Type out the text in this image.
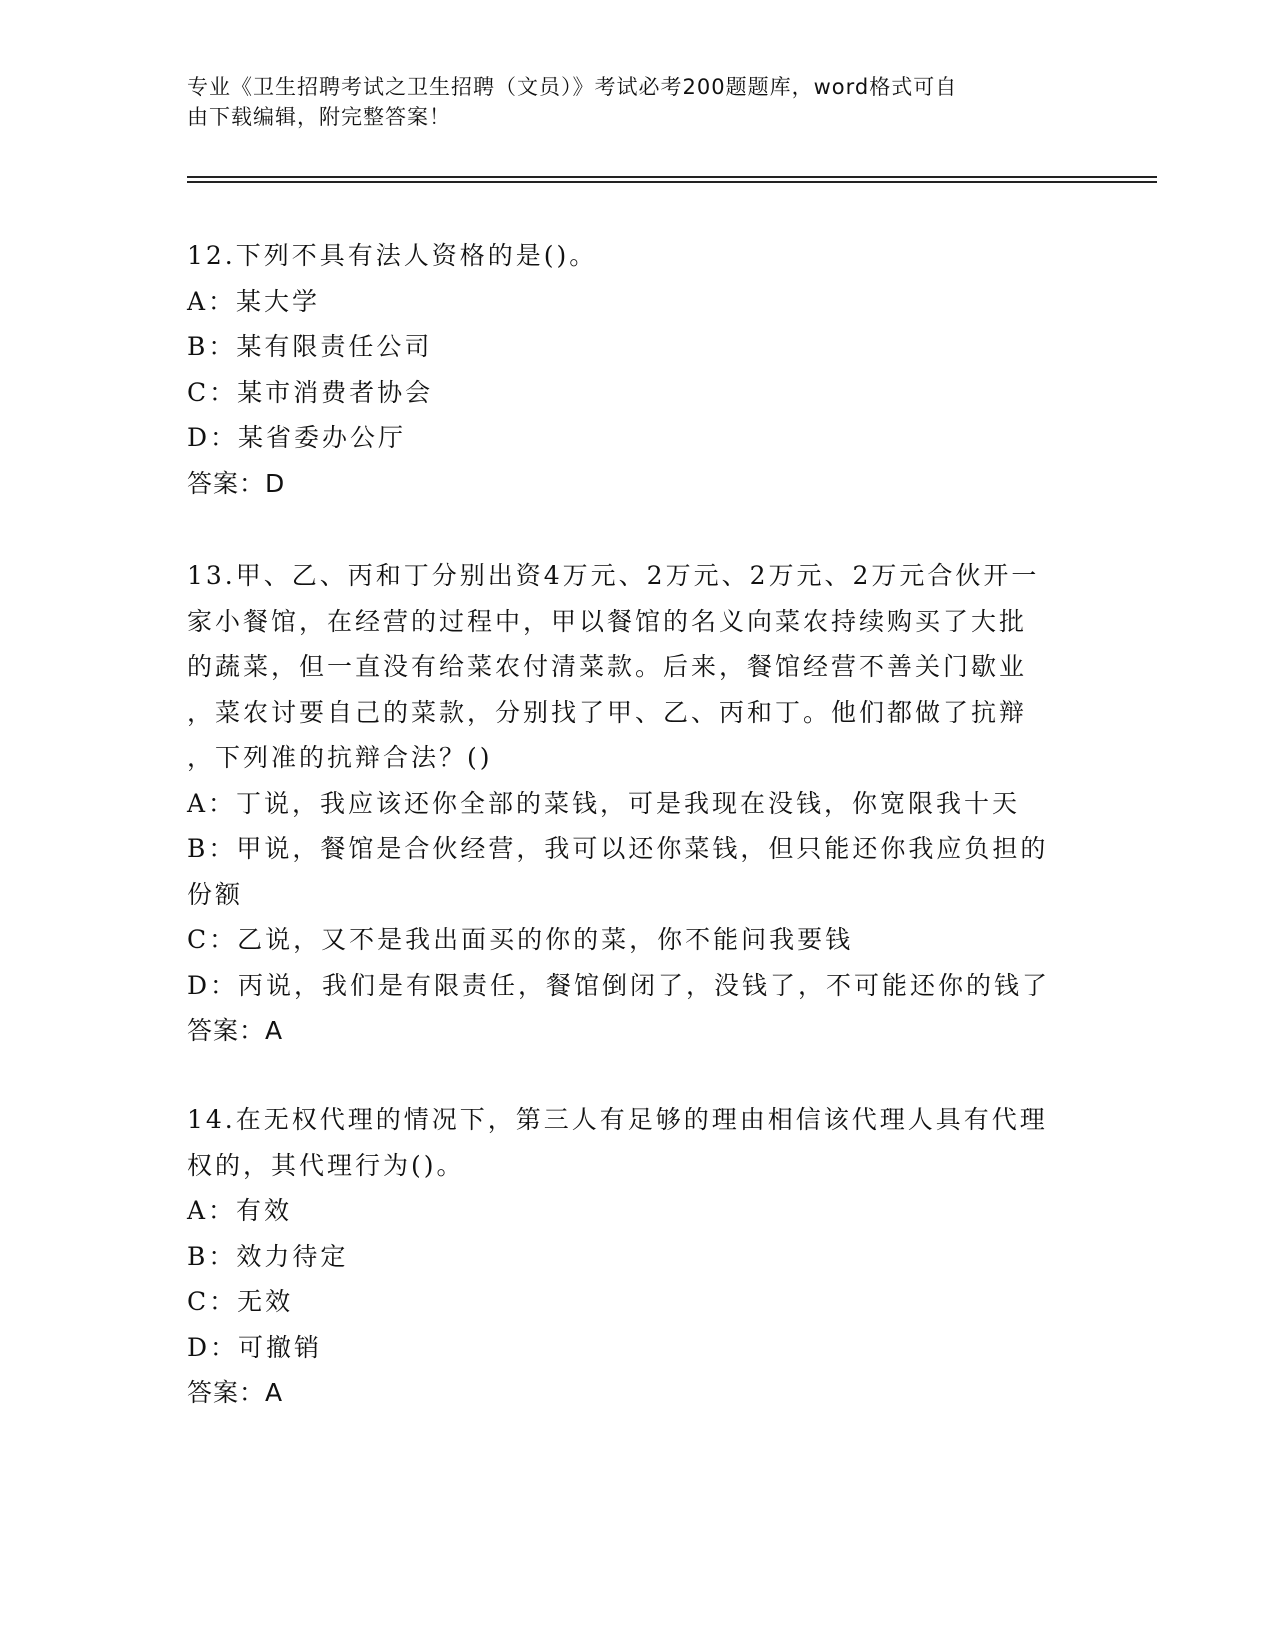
专业《卫生招聘考试之卫生招聘（文员）》考试必考200题题库，word格式可自
由下载编辑，附完整答案！
12.下列不具有法人资格的是()。
A：某大学
B：某有限责任公司
C：某市消费者协会
D：某省委办公厅
答案：D
13.甲、乙、丙和丁分别出资4万元、2万元、2万元、2万元合伙开一
家小餐馆，在经营的过程中，甲以餐馆的名义向菜农持续购买了大批
的蔬菜，但一直没有给菜农付清菜款。后来，餐馆经营不善关门歇业
，菜农讨要自己的菜款，分别找了甲、乙、丙和丁。他们都做了抗辩
，下列准的抗辩合法？()
A：丁说，我应该还你全部的菜钱，可是我现在没钱，你宽限我十天
B：甲说，餐馆是合伙经营，我可以还你菜钱，但只能还你我应负担的
份额
C：乙说，又不是我出面买的你的菜，你不能问我要钱
D：丙说，我们是有限责任，餐馆倒闭了，没钱了，不可能还你的钱了
答案：A
14.在无权代理的情况下，第三人有足够的理由相信该代理人具有代理
权的，其代理行为()。
A：有效
B：效力待定
C：无效
D：可撤销
答案：A
